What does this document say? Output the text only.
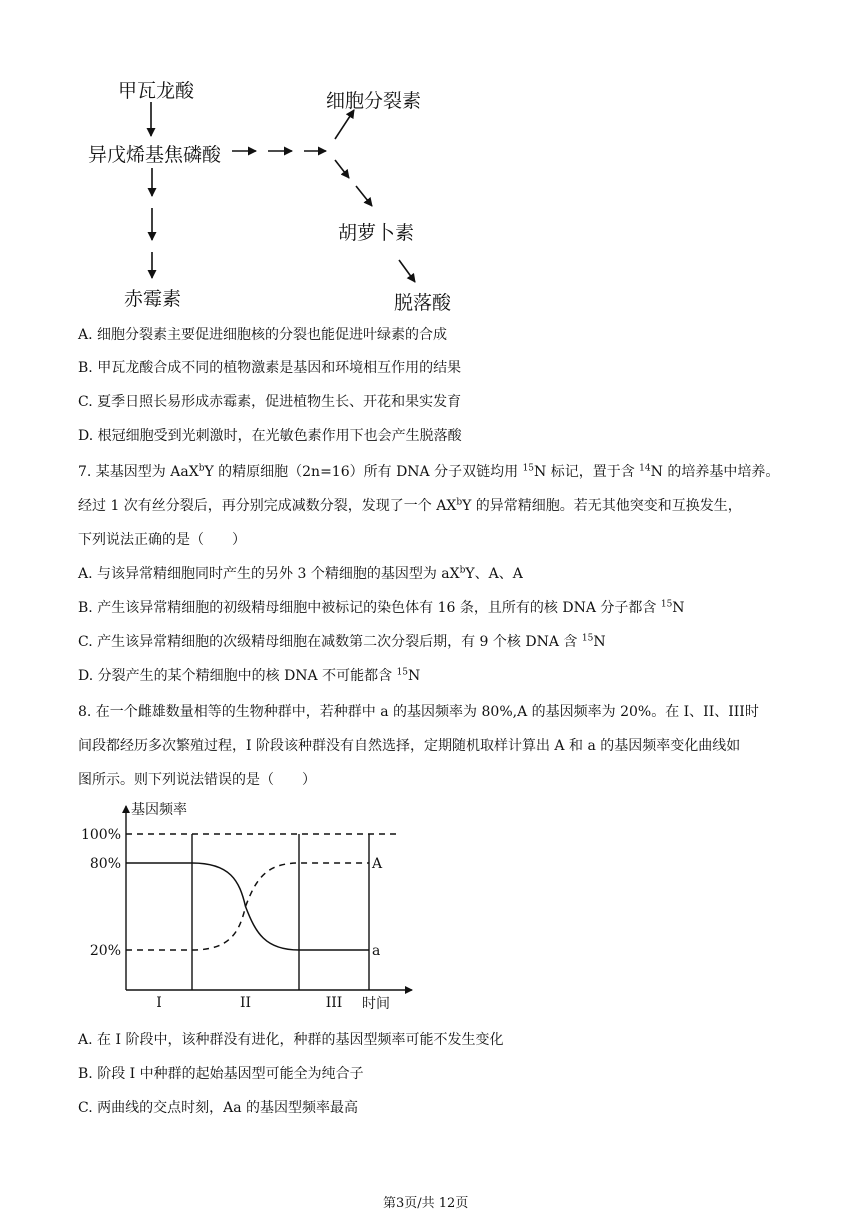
甲瓦龙酸
异戊烯基焦磷酸
细胞分裂素
胡萝卜素
脱落酸
赤霉素
A. 细胞分裂素主要促进细胞核的分裂也能促进叶绿素的合成
B. 甲瓦龙酸合成不同的植物激素是基因和环境相互作用的结果
C. 夏季日照长易形成赤霉素，促进植物生长、开花和果实发育
D. 根冠细胞受到光刺激时，在光敏色素作用下也会产生脱落酸
7. 某基因型为 AaX$^b$Y 的精原细胞（2n=16）所有 DNA 分子双链均用 $^{15}$N 标记，置于含 $^{14}$N 的培养基中培养。
经过 1 次有丝分裂后，再分别完成减数分裂，发现了一个 $AX^bY$ 的异常精细胞。若无其他突变和互换发生，
下列说法正确的是（　　）
A. 与该异常精细胞同时产生的另外 3 个精细胞的基因型为 $aX^bY$、A、A
B. 产生该异常精细胞的初级精母细胞中被标记的染色体有 16 条，且所有的核 DNA 分子都含 $^{15}$N
C. 产生该异常精细胞的次级精母细胞在减数第二次分裂后期，有 9 个核 DNA 含 $^{15}$N
D. 分裂产生的某个精细胞中的核 DNA 不可能都含 $^{15}$N
8. 在一个雌雄数量相等的生物种群中，若种群中 a 的基因频率为 80%,A 的基因频率为 20%。在 I、II、III时
间段都经历多次繁殖过程，I 阶段该种群没有自然选择，定期随机取样计算出 A 和 a 的基因频率变化曲线如
图所示。则下列说法错误的是（　　）
A
a
100%
80%
20%
基因频率
时间
I	II	III
A. 在 I 阶段中，该种群没有进化，种群的基因型频率可能不发生变化
B. 阶段 I 中种群的起始基因型可能全为纯合子
C. 两曲线的交点时刻，Aa 的基因型频率最高
第3页/共 12页
